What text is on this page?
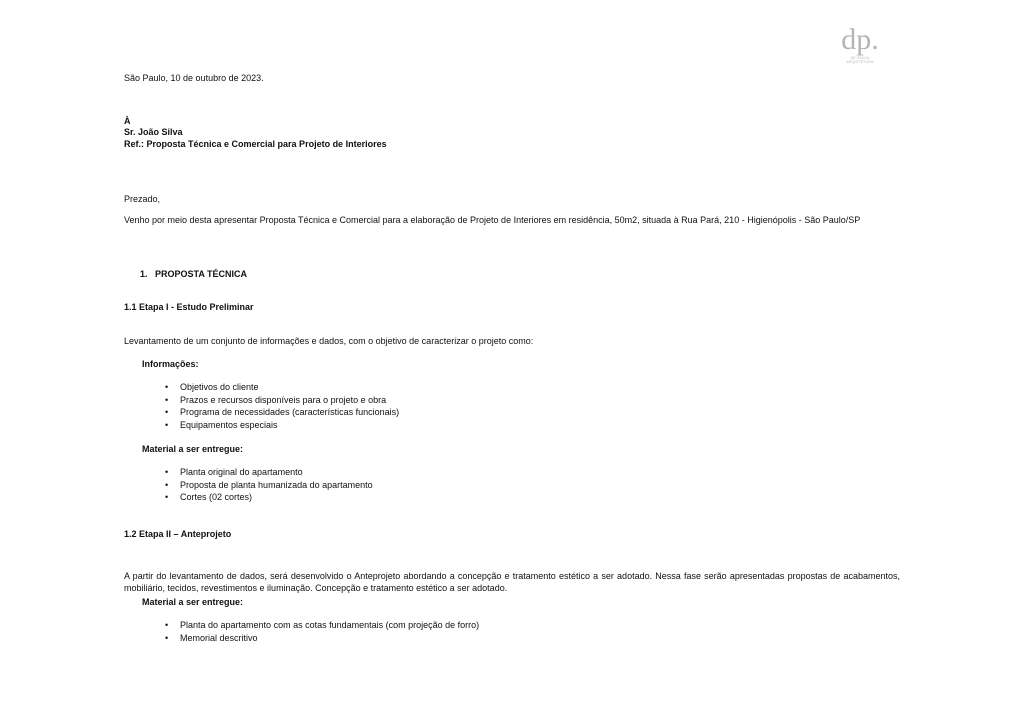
dp.
DE PAULA
ARQUITETURA

São Paulo, 10 de outubro de 2023.

À

Sr. João Silva

Ref.: Proposta Técnica e Comercial para Projeto de Interiores

Prezado,

Venho por meio desta apresentar Proposta Técnica e Comercial para a elaboração de Projeto de Interiores em residência, 50m2, situada à Rua Pará, 210 - Higienópolis - São Paulo/SP

1. PROPOSTA TÉCNICA

1.1 Etapa I - Estudo Preliminar

Levantamento de um conjunto de informações e dados, com o objetivo de caracterizar o projeto como:

Informações:

• Objetivos do cliente
• Prazos e recursos disponíveis para o projeto e obra
• Programa de necessidades (características funcionais)
• Equipamentos especiais

Material a ser entregue:

• Planta original do apartamento
• Proposta de planta humanizada do apartamento
• Cortes (02 cortes)

1.2 Etapa II – Anteprojeto

A partir do levantamento de dados, será desenvolvido o Anteprojeto abordando a concepção e tratamento estético a ser adotado. Nessa fase serão apresentadas propostas de acabamentos, mobiliário, tecidos, revestimentos e iluminação. Concepção e tratamento estético a ser adotado.

Material a ser entregue:

• Planta do apartamento com as cotas fundamentais (com projeção de forro)
• Memorial descritivo
